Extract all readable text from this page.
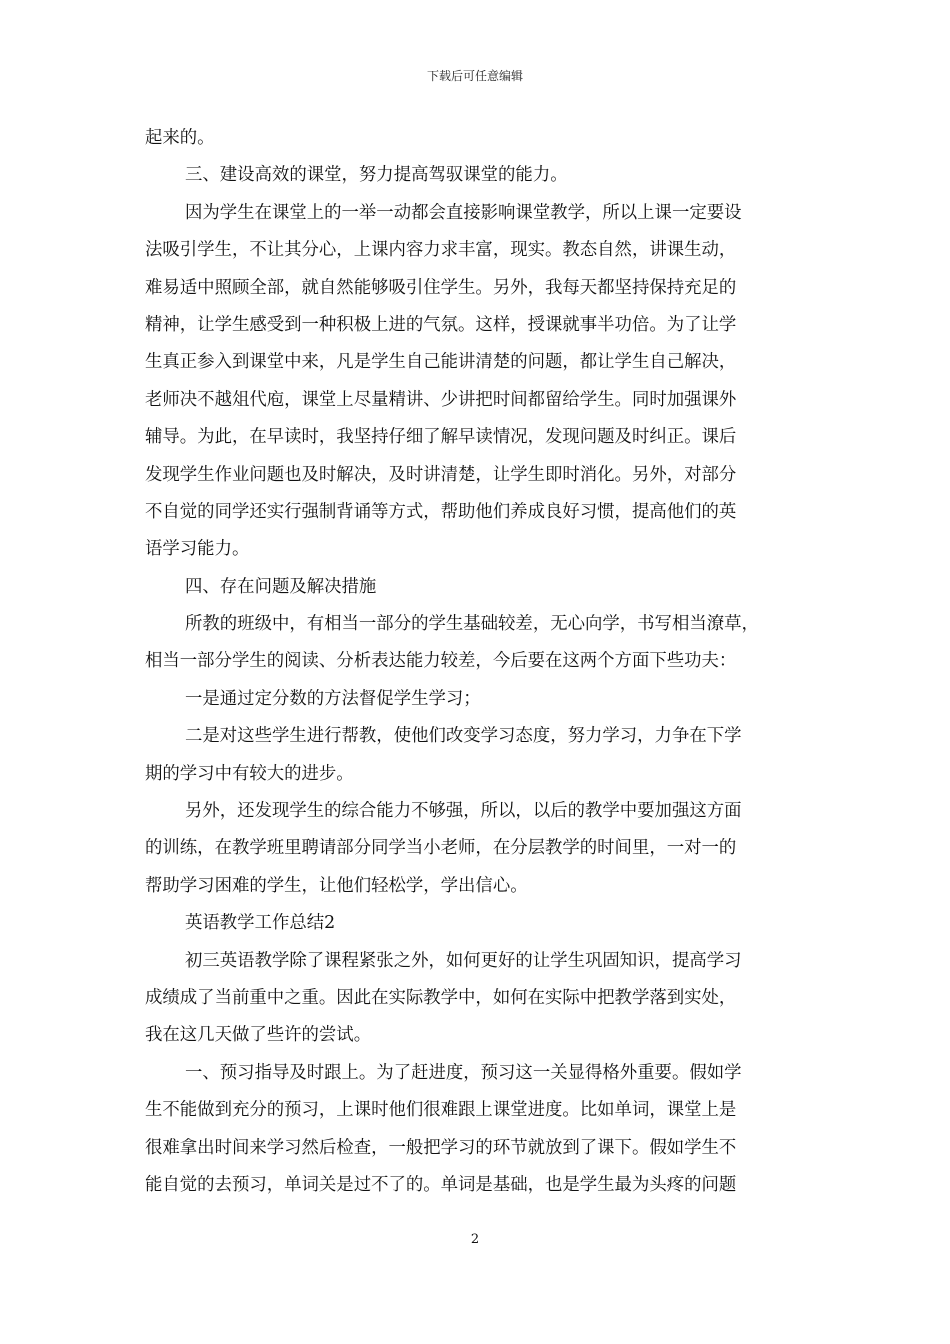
下载后可任意编辑
起来的。
三、建设高效的课堂，努力提高驾驭课堂的能力。
因为学生在课堂上的一举一动都会直接影响课堂教学，所以上课一定要设
法吸引学生，不让其分心，上课内容力求丰富，现实。教态自然，讲课生动，
难易适中照顾全部，就自然能够吸引住学生。另外，我每天都坚持保持充足的
精神，让学生感受到一种积极上进的气氛。这样，授课就事半功倍。为了让学
生真正参入到课堂中来，凡是学生自己能讲清楚的问题，都让学生自己解决，
老师决不越俎代庖，课堂上尽量精讲、少讲把时间都留给学生。同时加强课外
辅导。为此，在早读时，我坚持仔细了解早读情况，发现问题及时纠正。课后
发现学生作业问题也及时解决，及时讲清楚，让学生即时消化。另外，对部分
不自觉的同学还实行强制背诵等方式，帮助他们养成良好习惯，提高他们的英
语学习能力。
四、存在问题及解决措施
所教的班级中，有相当一部分的学生基础较差，无心向学，书写相当潦草，
相当一部分学生的阅读、分析表达能力较差，今后要在这两个方面下些功夫：
一是通过定分数的方法督促学生学习；
二是对这些学生进行帮教，使他们改变学习态度，努力学习，力争在下学
期的学习中有较大的进步。
另外，还发现学生的综合能力不够强，所以，以后的教学中要加强这方面
的训练，在教学班里聘请部分同学当小老师，在分层教学的时间里，一对一的
帮助学习困难的学生，让他们轻松学，学出信心。
英语教学工作总结2
初三英语教学除了课程紧张之外，如何更好的让学生巩固知识，提高学习
成绩成了当前重中之重。因此在实际教学中，如何在实际中把教学落到实处，
我在这几天做了些许的尝试。
一、预习指导及时跟上。为了赶进度，预习这一关显得格外重要。假如学
生不能做到充分的预习，上课时他们很难跟上课堂进度。比如单词，课堂上是
很难拿出时间来学习然后检查，一般把学习的环节就放到了课下。假如学生不
能自觉的去预习，单词关是过不了的。单词是基础，也是学生最为头疼的问题
2
